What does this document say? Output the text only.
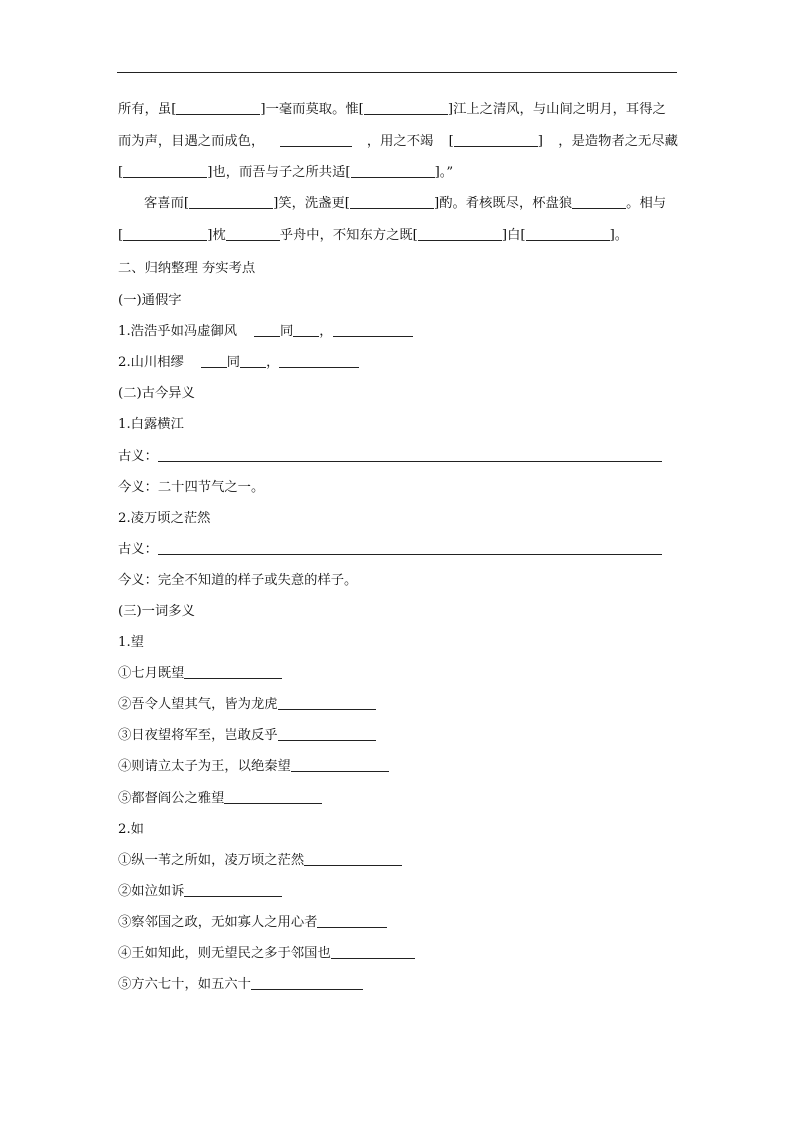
所有，虽[	]一毫而莫取。惟[	]江上之清风，与山间之明月，耳得之
而为声，目遇之而成色，	，用之不竭 [	] ，是造物者之无尽藏
[	]也，而吾与子之所共适[	]。”
客喜而[	]笑，洗盏更[	]酌。肴核既尽，杯盘狼	。相与
[	]枕	乎舟中，不知东方之既[	]白[	]。
二、归纳整理 夯实考点
(一)通假字
1.浩浩乎如冯虚御风	同 ，
2.山川相缪	同 ，
(二)古今异义
1.白露横江
古义：
今义：二十四节气之一。
2.凌万顷之茫然
古义：
今义：完全不知道的样子或失意的样子。
(三)一词多义
1.望
①七月既望
②吾令人望其气，皆为龙虎
③日夜望将军至，岂敢反乎
④则请立太子为王，以绝秦望
⑤都督阎公之雅望
2.如
①纵一苇之所如，凌万顷之茫然
②如泣如诉
③察邻国之政，无如寡人之用心者
④王如知此，则无望民之多于邻国也
⑤方六七十，如五六十
